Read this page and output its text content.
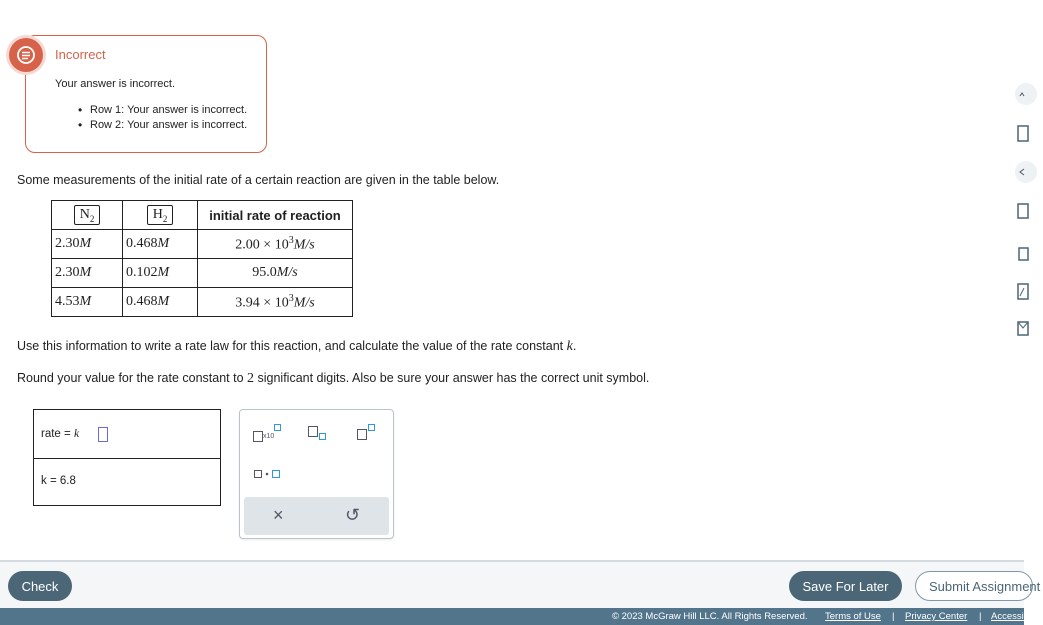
Incorrect
Your answer is incorrect.
• Row 1: Your answer is incorrect.
• Row 2: Your answer is incorrect.
Some measurements of the initial rate of a certain reaction are given in the table below.
$N_2$	$H_2$	initial rate of reaction
2.30M	0.468M	$2.00 \times 10^3M/s$
2.30M	0.102M	95.0M/s
4.53M	0.468M	$3.94 \times 10^3M/s$
Use this information to write a rate law for this reaction, and calculate the value of the rate constant k.
Round your value for the rate constant to 2 significant digits. Also be sure your answer has the correct unit symbol.
rate = k
k = 6.8
x10
×	↺
Check	Save For Later	Submit Assignment
© 2023 McGraw Hill LLC. All Rights Reserved. Terms of Use | Privacy Center | Accessibility
